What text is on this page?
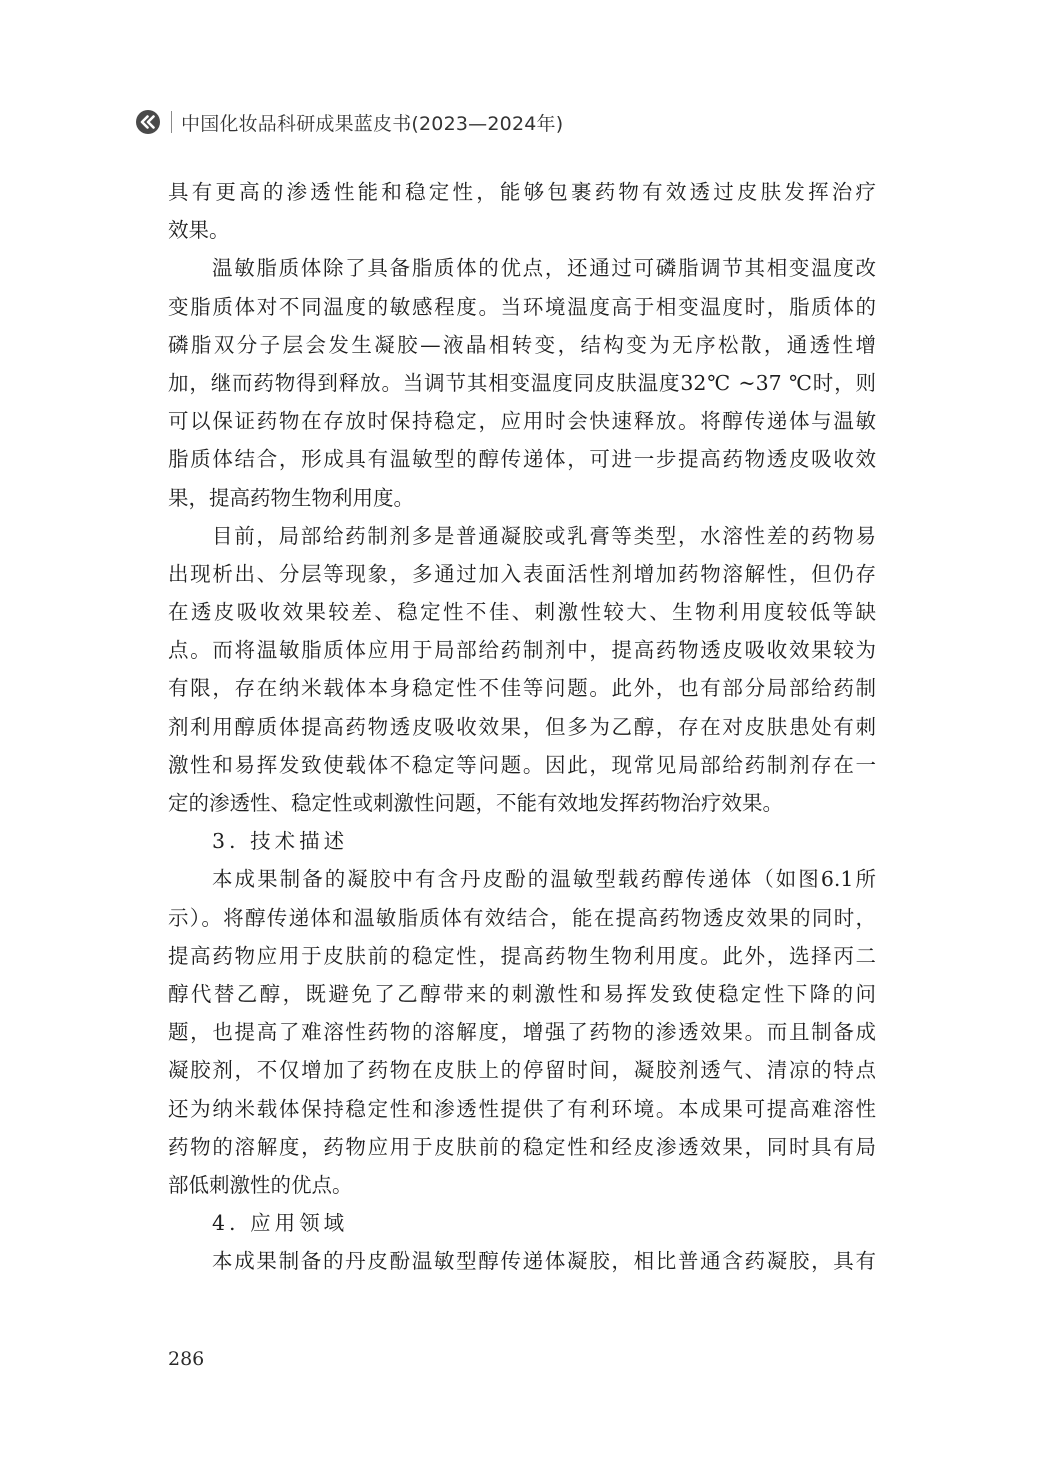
中国化妆品科研成果蓝皮书(2023—2024年)
具有更高的渗透性能和稳定性，能够包裹药物有效透过皮肤发挥治疗
效果。
温敏脂质体除了具备脂质体的优点，还通过可磷脂调节其相变温度改
变脂质体对不同温度的敏感程度。当环境温度高于相变温度时，脂质体的
磷脂双分子层会发生凝胶—液晶相转变，结构变为无序松散，通透性增
加，继而药物得到释放。当调节其相变温度同皮肤温度32℃ ~37 ℃时，则
可以保证药物在存放时保持稳定，应用时会快速释放。将醇传递体与温敏
脂质体结合，形成具有温敏型的醇传递体，可进一步提高药物透皮吸收效
果，提高药物生物利用度。
目前，局部给药制剂多是普通凝胶或乳膏等类型，水溶性差的药物易
出现析出、分层等现象，多通过加入表面活性剂增加药物溶解性，但仍存
在透皮吸收效果较差、稳定性不佳、刺激性较大、生物利用度较低等缺
点。而将温敏脂质体应用于局部给药制剂中，提高药物透皮吸收效果较为
有限，存在纳米载体本身稳定性不佳等问题。此外，也有部分局部给药制
剂利用醇质体提高药物透皮吸收效果，但多为乙醇，存在对皮肤患处有刺
激性和易挥发致使载体不稳定等问题。因此，现常见局部给药制剂存在一
定的渗透性、稳定性或刺激性问题，不能有效地发挥药物治疗效果。
3. 技术描述
本成果制备的凝胶中有含丹皮酚的温敏型载药醇传递体（如图6.1所
示）。将醇传递体和温敏脂质体有效结合，能在提高药物透皮效果的同时，
提高药物应用于皮肤前的稳定性，提高药物生物利用度。此外，选择丙二
醇代替乙醇，既避免了乙醇带来的刺激性和易挥发致使稳定性下降的问
题，也提高了难溶性药物的溶解度，增强了药物的渗透效果。而且制备成
凝胶剂，不仅增加了药物在皮肤上的停留时间，凝胶剂透气、清凉的特点
还为纳米载体保持稳定性和渗透性提供了有利环境。本成果可提高难溶性
药物的溶解度，药物应用于皮肤前的稳定性和经皮渗透效果，同时具有局
部低刺激性的优点。
4. 应用领域
本成果制备的丹皮酚温敏型醇传递体凝胶，相比普通含药凝胶，具有
286
